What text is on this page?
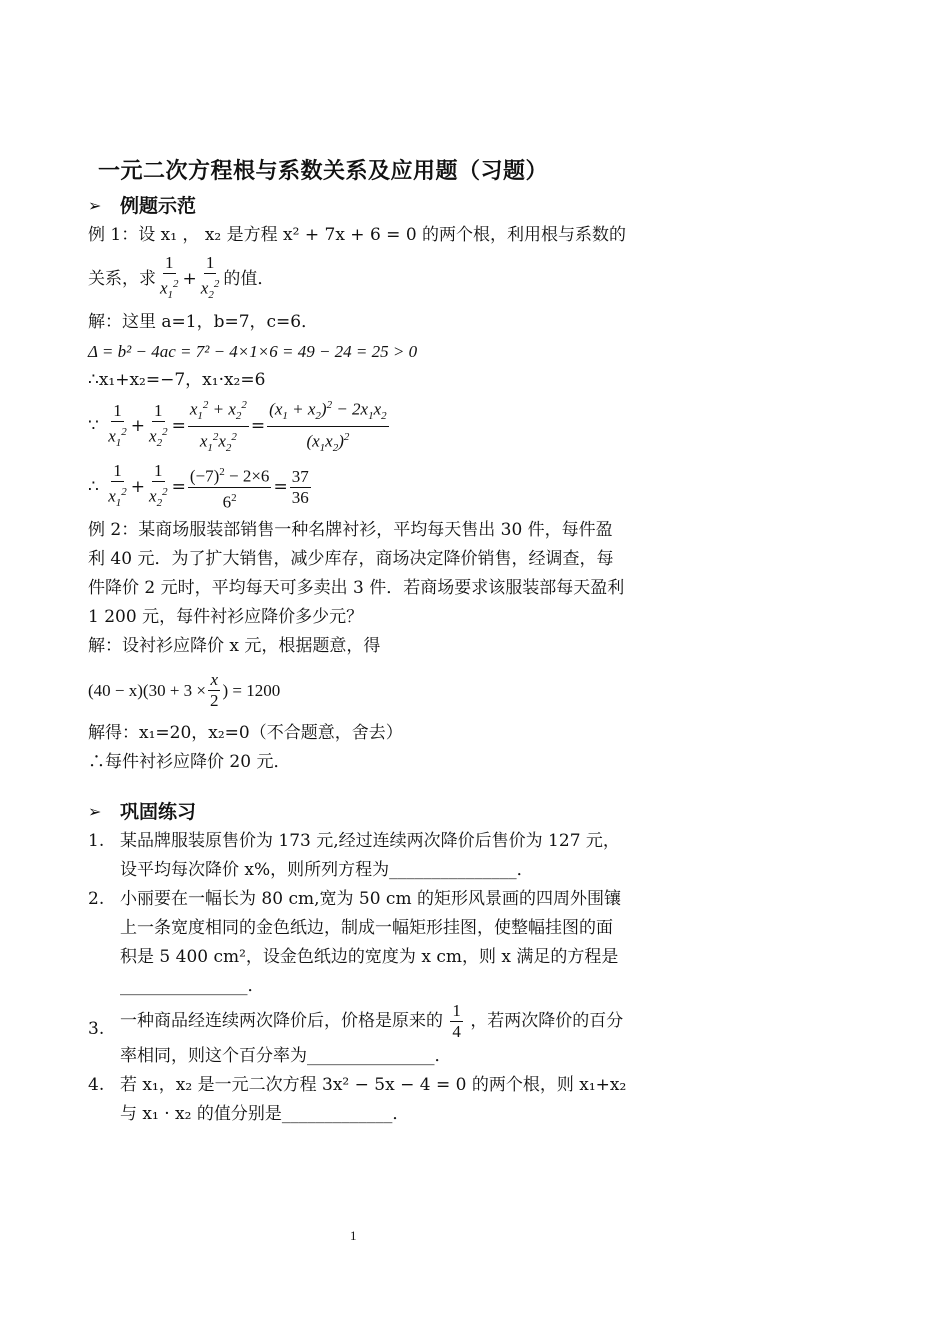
一元二次方程根与系数关系及应用题（习题）
➢ 例题示范

例 1：设 x₁ ， x₂ 是方程 x² + 7x + 6 = 0 的两个根，利用根与系数的

关系，求 $\frac{1}{x_1^2} + \frac{1}{x_2^2}$ 的值．

解：这里 a=1，b=7，c=6．

Δ = b² − 4ac = 7² − 4×1×6 = 49 − 24 = 25 > 0

∴x₁+x₂=−7，x₁·x₂=6

∵
$\frac{1}{x_1^2} + \frac{1}{x_2^2} = \frac{x_1^2 + x_2^2}{x_1^2x_2^2} = \frac{(x_1 + x_2)^2 - 2x_1x_2}{(x_1x_2)^2}$
∴
$\frac{1}{x_1^2} + \frac{1}{x_2^2} = \frac{(-7)^2 - 2\times 6}{6^2} = \frac{37}{36}$

例 2：某商场服装部销售一种名牌衬衫，平均每天售出 30 件，每件盈利 40 元．为了扩大销售，减少库存，商场决定降价销售，经调查，每件降价 2 元时，平均每天可多卖出 3 件．若商场要求该服装部每天盈利 1 200 元，每件衬衫应降价多少元？

解：设衬衫应降价 x 元，根据题意，得

$(40 - x)(30 + 3 \times \frac{x}{2}$ ) = 1200

解得：x₁=20，x₂=0（不合题意，舍去）

∴每件衬衫应降价 20 元．

➢ 巩固练习
1. 某品牌服装原售价为 173 元,经过连续两次降价后售价为 127 元，设平均每次降价 x%，则所列方程为_______________．
2. 小丽要在一幅长为 80 cm,宽为 50 cm 的矩形风景画的四周外围镶上一条宽度相同的金色纸边，制成一幅矩形挂图，使整幅挂图的面积是 5 400 cm²，设金色纸边的宽度为 x cm，则 x 满足的方程是_______________．
3. 一种商品经连续两次降价后，价格是原来的 $\frac{1}{4}$ ，若两次降价的百分率相同，则这个百分率为_______________．
4. 若 x₁，x₂ 是一元二次方程 3x² − 5x − 4 = 0 的两个根，则 x₁+x₂ 与 x₁ · x₂ 的值分别是_____________．
1
